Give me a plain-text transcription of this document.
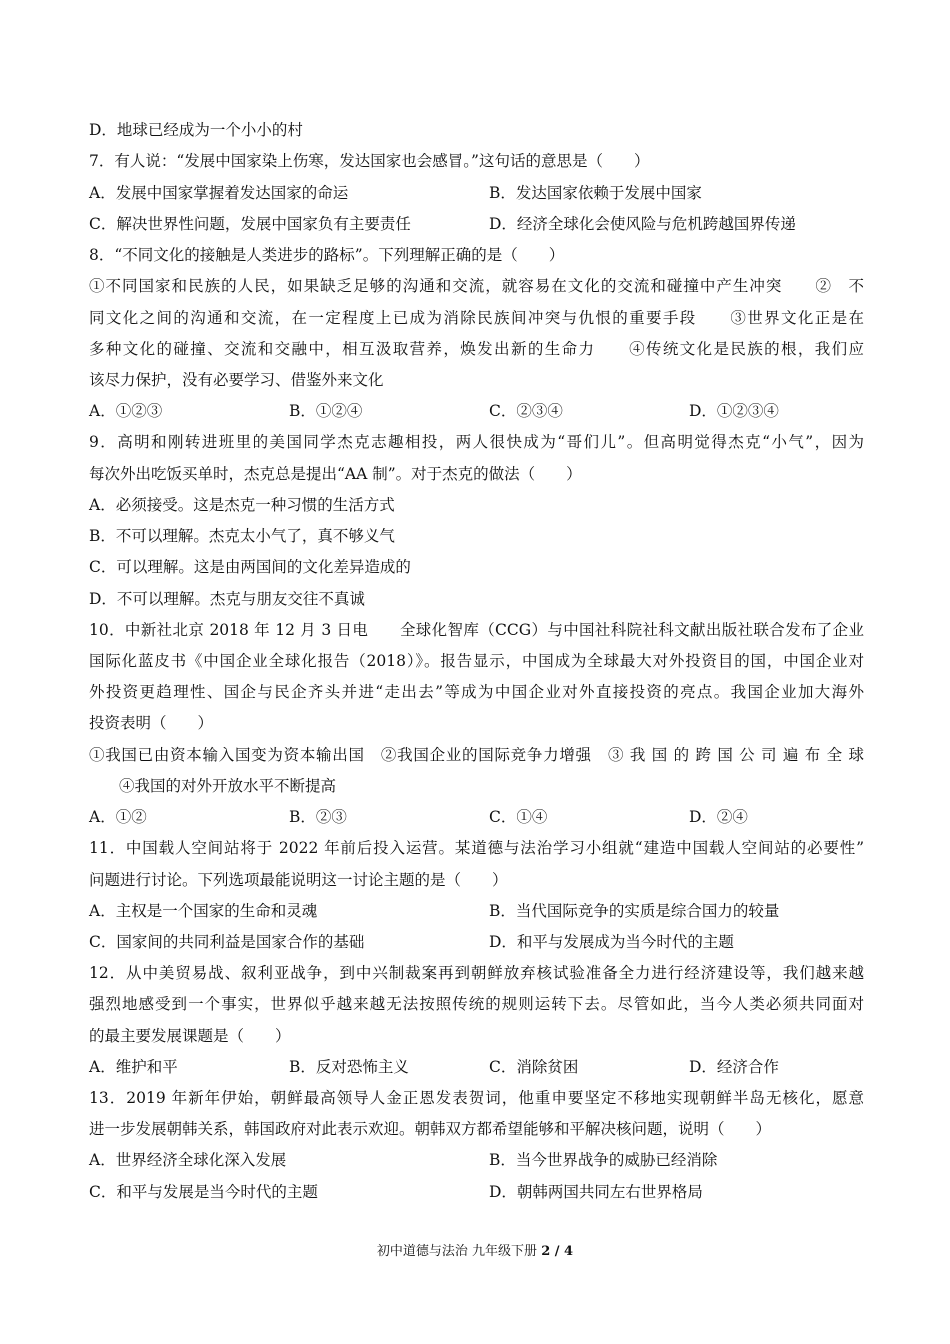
D．地球已经成为一个小小的村
7．有人说：“发展中国家染上伤寒，发达国家也会感冒。”这句话的意思是（　　）
A．发展中国家掌握着发达国家的命运	B．发达国家依赖于发展中国家
C．解决世界性问题，发展中国家负有主要责任	D．经济全球化会使风险与危机跨越国界传递
8．“不同文化的接触是人类进步的路标”。下列理解正确的是（　　）
①不同国家和民族的人民，如果缺乏足够的沟通和交流，就容易在文化的交流和碰撞中产生冲突　　②　不
同文化之间的沟通和交流，在一定程度上已成为消除民族间冲突与仇恨的重要手段　　③世界文化正是在
多种文化的碰撞、交流和交融中，相互汲取营养，焕发出新的生命力　　④传统文化是民族的根，我们应
该尽力保护，没有必要学习、借鉴外来文化
A．①②③	B．①②④	C．②③④	D．①②③④
9．高明和刚转进班里的美国同学杰克志趣相投，两人很快成为“哥们儿”。但高明觉得杰克“小气”，因为
每次外出吃饭买单时，杰克总是提出“AA 制”。对于杰克的做法（　　）
A．必须接受。这是杰克一种习惯的生活方式
B．不可以理解。杰克太小气了，真不够义气
C．可以理解。这是由两国间的文化差异造成的
D．不可以理解。杰克与朋友交往不真诚
10．中新社北京 2018 年 12 月 3 日电　　全球化智库（CCG）与中国社科院社科文献出版社联合发布了企业
国际化蓝皮书《中国企业全球化报告（2018）》。报告显示，中国成为全球最大对外投资目的国，中国企业对
外投资更趋理性、国企与民企齐头并进“走出去”等成为中国企业对外直接投资的亮点。我国企业加大海外
投资表明（　　）
①我国已由资本输入国变为资本输出国　②我国企业的国际竞争力增强　③ 我 国 的 跨 国 公 司 遍 布 全 球
④我国的对外开放水平不断提高
A．①②	B．②③	C．①④	D．②④
11．中国载人空间站将于 2022 年前后投入运营。某道德与法治学习小组就“建造中国载人空间站的必要性”
问题进行讨论。下列选项最能说明这一讨论主题的是（　　）
A．主权是一个国家的生命和灵魂	B．当代国际竞争的实质是综合国力的较量
C．国家间的共同利益是国家合作的基础	D．和平与发展成为当今时代的主题
12．从中美贸易战、叙利亚战争，到中兴制裁案再到朝鲜放弃核试验准备全力进行经济建设等，我们越来越
强烈地感受到一个事实，世界似乎越来越无法按照传统的规则运转下去。尽管如此，当今人类必须共同面对
的最主要发展课题是（　　）
A．维护和平	B．反对恐怖主义	C．消除贫困	D．经济合作
13．2019 年新年伊始，朝鲜最高领导人金正恩发表贺词，他重申要坚定不移地实现朝鲜半岛无核化，愿意
进一步发展朝韩关系，韩国政府对此表示欢迎。朝韩双方都希望能够和平解决核问题，说明（　　）
A．世界经济全球化深入发展	B．当今世界战争的威胁已经消除
C．和平与发展是当今时代的主题	D．朝韩两国共同左右世界格局
初中道德与法治 九年级下册 2 / 4
